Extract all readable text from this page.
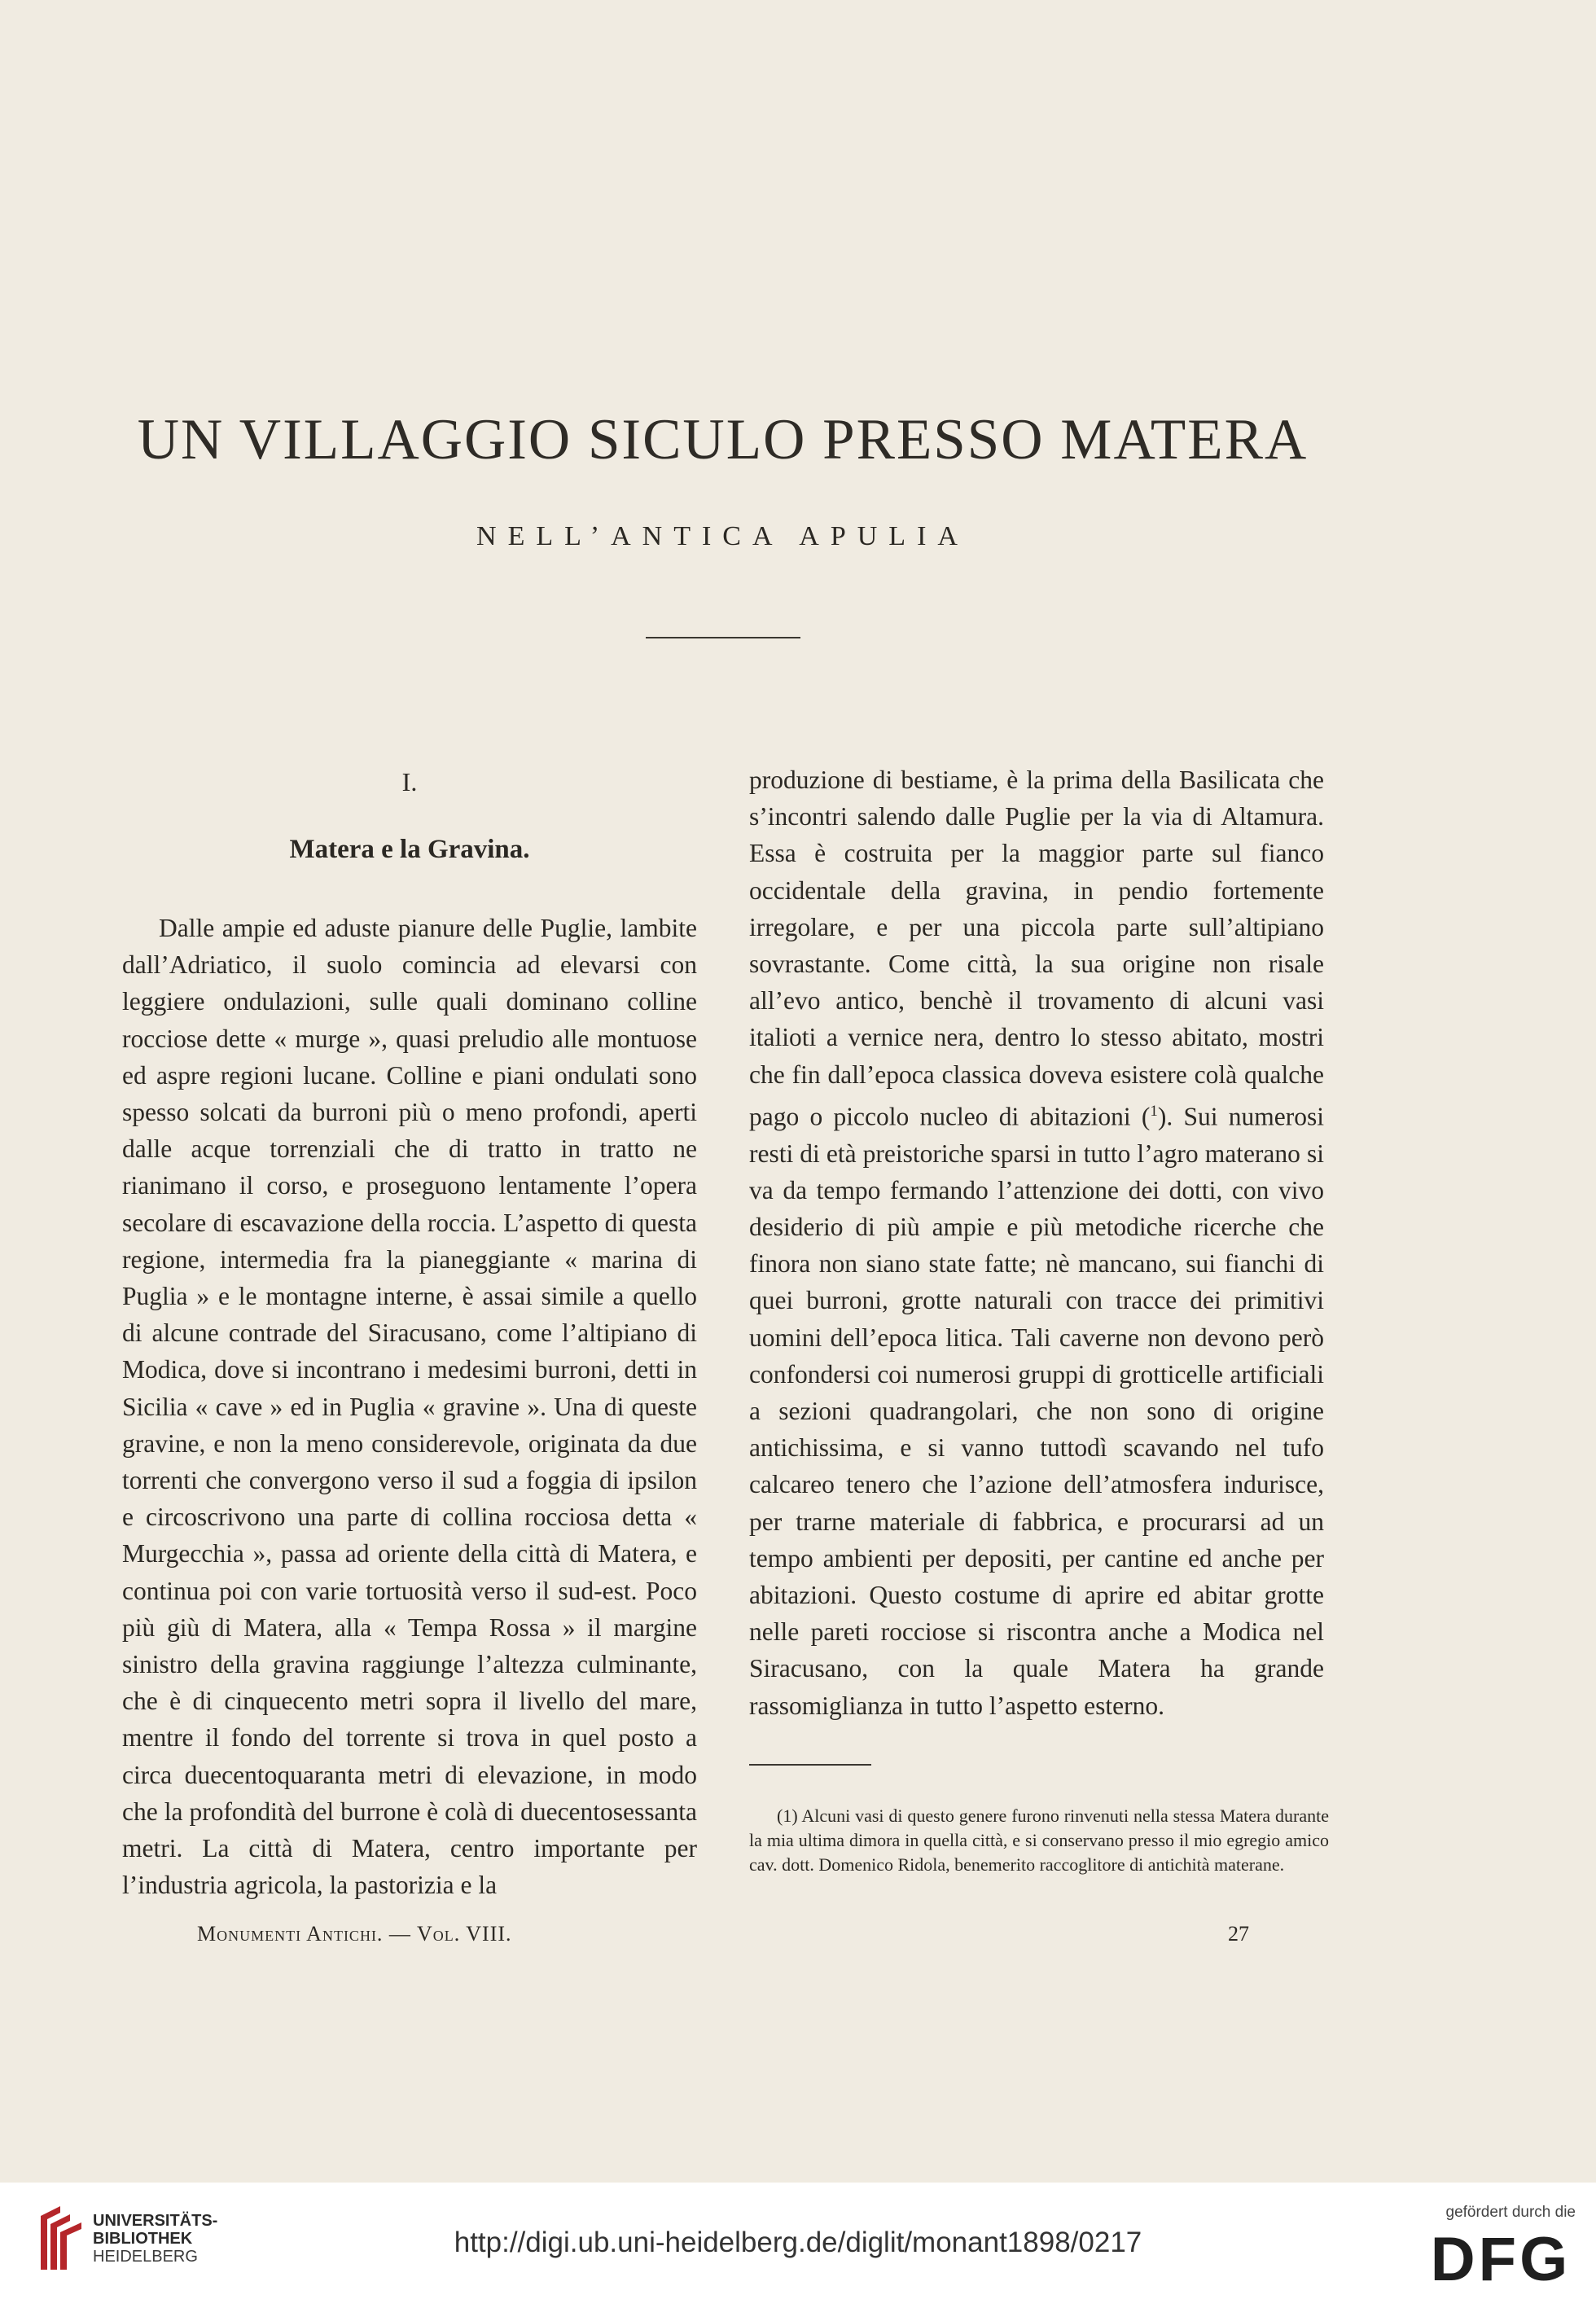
UN VILLAGGIO SICULO PRESSO MATERA
NELL’ANTICA APULIA
I.
Matera e la Gravina.

Dalle ampie ed aduste pianure delle Puglie, lambite dall’Adriatico, il suolo comincia ad elevarsi con leggiere ondulazioni, sulle quali dominano colline rocciose dette « murge », quasi preludio alle montuose ed aspre regioni lucane. Colline e piani ondulati sono spesso solcati da burroni più o meno profondi, aperti dalle acque torrenziali che di tratto in tratto ne rianimano il corso, e proseguono lentamente l’opera secolare di escavazione della roccia. L’aspetto di questa regione, intermedia fra la pianeggiante « marina di Puglia » e le montagne interne, è assai simile a quello di alcune contrade del Siracusano, come l’altipiano di Modica, dove si incontrano i medesimi burroni, detti in Sicilia « cave » ed in Puglia « gravine ». Una di queste gravine, e non la meno considerevole, originata da due torrenti che convergono verso il sud a foggia di ipsilon e circoscrivono una parte di collina rocciosa detta « Murgecchia », passa ad oriente della città di Matera, e continua poi con varie tortuosità verso il sud-est. Poco più giù di Matera, alla « Tempa Rossa » il margine sinistro della gravina raggiunge l’altezza culminante, che è di cinquecento metri sopra il livello del mare, mentre il fondo del torrente si trova in quel posto a circa duecentoquaranta metri di elevazione, in modo che la profondità del burrone è colà di duecentosessanta metri. La città di Matera, centro importante per l’industria agricola, la pastorizia e la

produzione di bestiame, è la prima della Basilicata che s’incontri salendo dalle Puglie per la via di Altamura. Essa è costruita per la maggior parte sul fianco occidentale della gravina, in pendio fortemente irregolare, e per una piccola parte sull’altipiano sovrastante. Come città, la sua origine non risale all’evo antico, benchè il trovamento di alcuni vasi italioti a vernice nera, dentro lo stesso abitato, mostri che fin dall’epoca classica doveva esistere colà qualche pago o piccolo nucleo di abitazioni ($^1$). Sui numerosi resti di età preistoriche sparsi in tutto l’agro materano si va da tempo fermando l’attenzione dei dotti, con vivo desiderio di più ampie e più metodiche ricerche che finora non siano state fatte; nè mancano, sui fianchi di quei burroni, grotte naturali con tracce dei primitivi uomini dell’epoca litica. Tali caverne non devono però confondersi coi numerosi gruppi di grotticelle artificiali a sezioni quadrangolari, che non sono di origine antichissima, e si vanno tuttodì scavando nel tufo calcareo tenero che l’azione dell’atmosfera indurisce, per trarne materiale di fabbrica, e procurarsi ad un tempo ambienti per depositi, per cantine ed anche per abitazioni. Questo costume di aprire ed abitar grotte nelle pareti rocciose si riscontra anche a Modica nel Siracusano, con la quale Matera ha grande rassomiglianza in tutto l’aspetto esterno.

(1) Alcuni vasi di questo genere furono rinvenuti nella stessa Matera durante la mia ultima dimora in quella città, e si conservano presso il mio egregio amico cav. dott. Domenico Ridola, benemerito raccoglitore di antichità materane.
Monumenti Antichi. — Vol. VIII.	27
UNIVERSITÄTS-
BIBLIOTHEK
HEIDELBERG	http://digi.ub.uni-heidelberg.de/diglit/monant1898/0217
gefördert durch die
DFG
